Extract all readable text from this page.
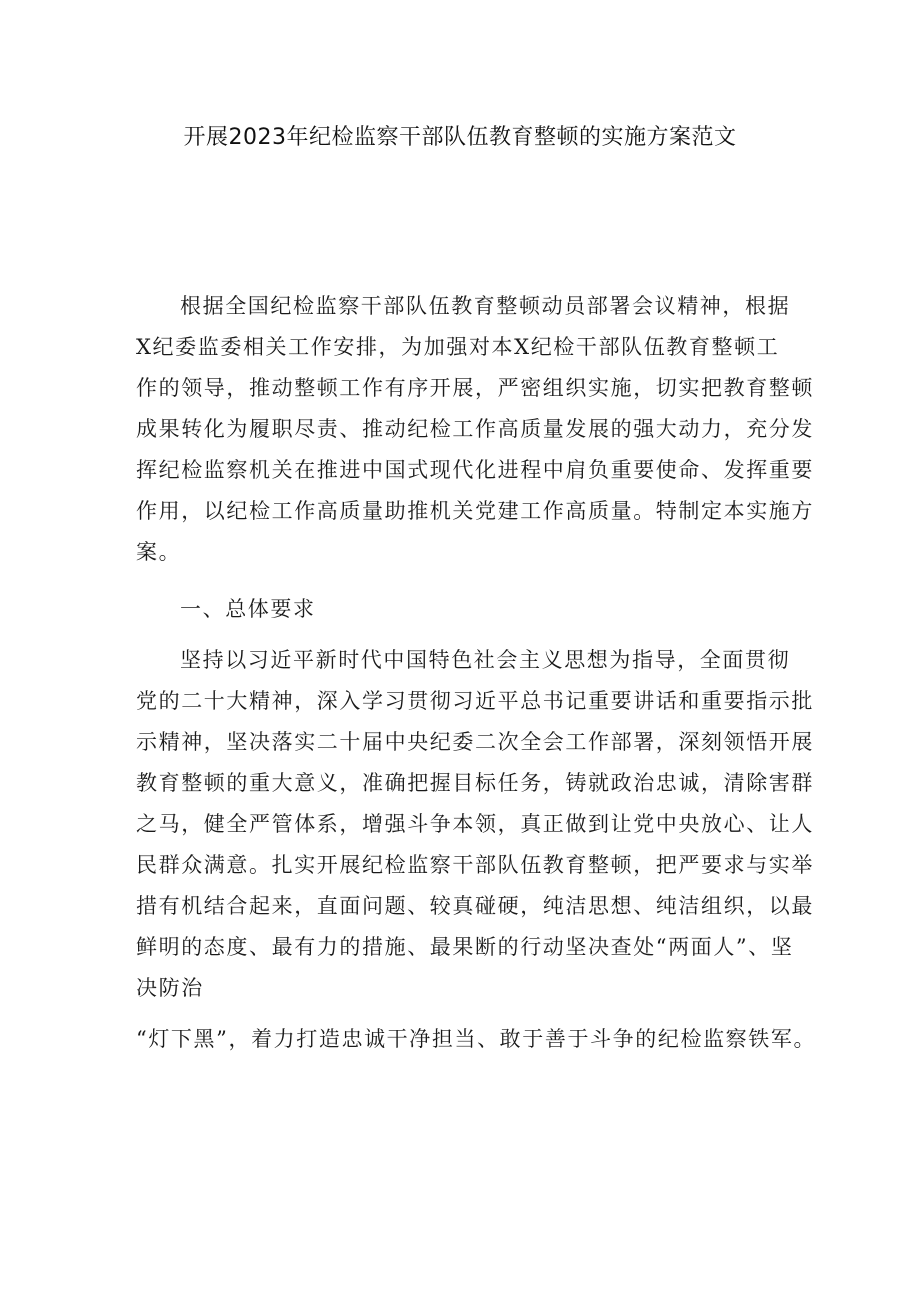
开展2023年纪检监察干部队伍教育整顿的实施方案范文
根据全国纪检监察干部队伍教育整顿动员部署会议精神，根据
X纪委监委相关工作安排，为加强对本X纪检干部队伍教育整顿工
作的领导，推动整顿工作有序开展，严密组织实施，切实把教育整顿
成果转化为履职尽责、推动纪检工作高质量发展的强大动力，充分发
挥纪检监察机关在推进中国式现代化进程中肩负重要使命、发挥重要
作用，以纪检工作高质量助推机关党建工作高质量。特制定本实施方
案。
一、总体要求
坚持以习近平新时代中国特色社会主义思想为指导，全面贯彻
党的二十大精神，深入学习贯彻习近平总书记重要讲话和重要指示批
示精神，坚决落实二十届中央纪委二次全会工作部署，深刻领悟开展
教育整顿的重大意义，准确把握目标任务，铸就政治忠诚，清除害群
之马，健全严管体系，增强斗争本领，真正做到让党中央放心、让人
民群众满意。扎实开展纪检监察干部队伍教育整顿，把严要求与实举
措有机结合起来，直面问题、较真碰硬，纯洁思想、纯洁组织，以最
鲜明的态度、最有力的措施、最果断的行动坚决查处“两面人”、坚
决防治
“灯下黑”，着力打造忠诚干净担当、敢于善于斗争的纪检监察铁军。
